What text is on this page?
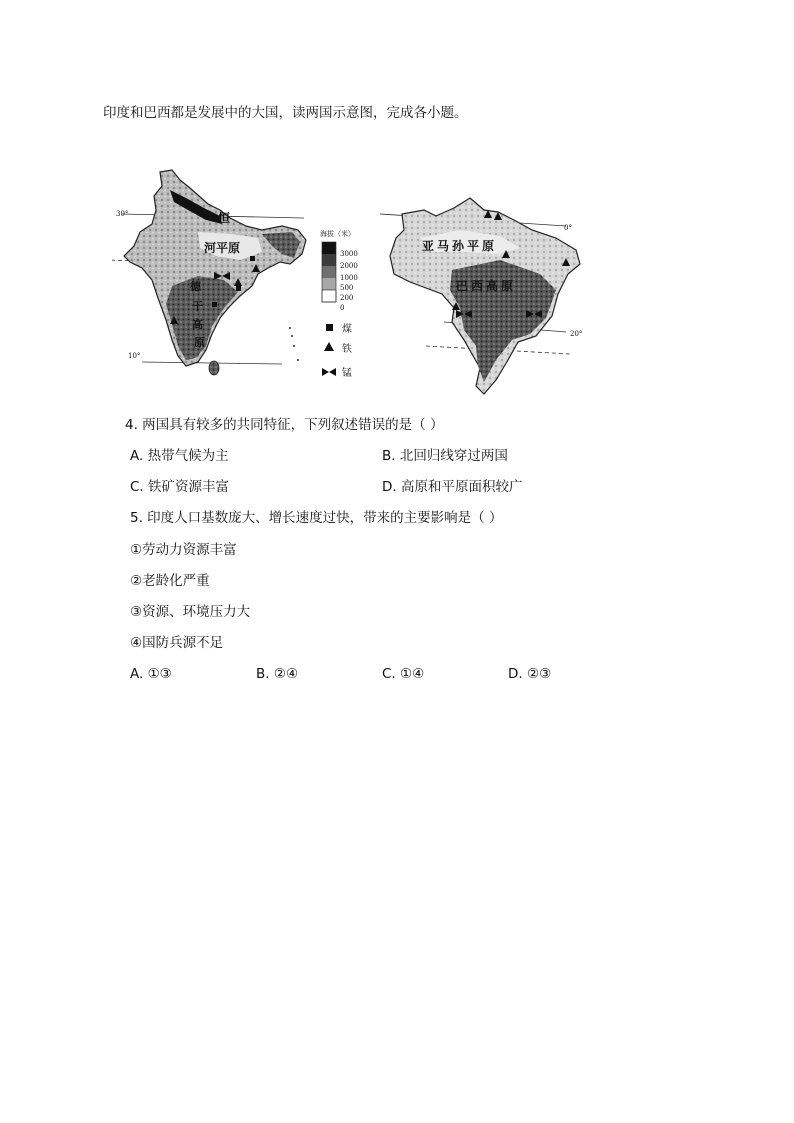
印度和巴西都是发展中的大国，读两国示意图，完成各小题。
30°
10°
恒
河平原
德
干
高
原
海拔（米）
3000
2000
1000
500
200
0
煤
铁
锰
0°
20°
亚马孙平原
巴西高原
4. 两国具有较多的共同特征，下列叙述错误的是（ ）
A. 热带气候为主	B. 北回归线穿过两国
C. 铁矿资源丰富	D. 高原和平原面积较广
5. 印度人口基数庞大、增长速度过快，带来的主要影响是（ ）
①劳动力资源丰富
②老龄化严重
③资源、环境压力大
④国防兵源不足
A. ①③	B. ②④	C. ①④	D. ②③
